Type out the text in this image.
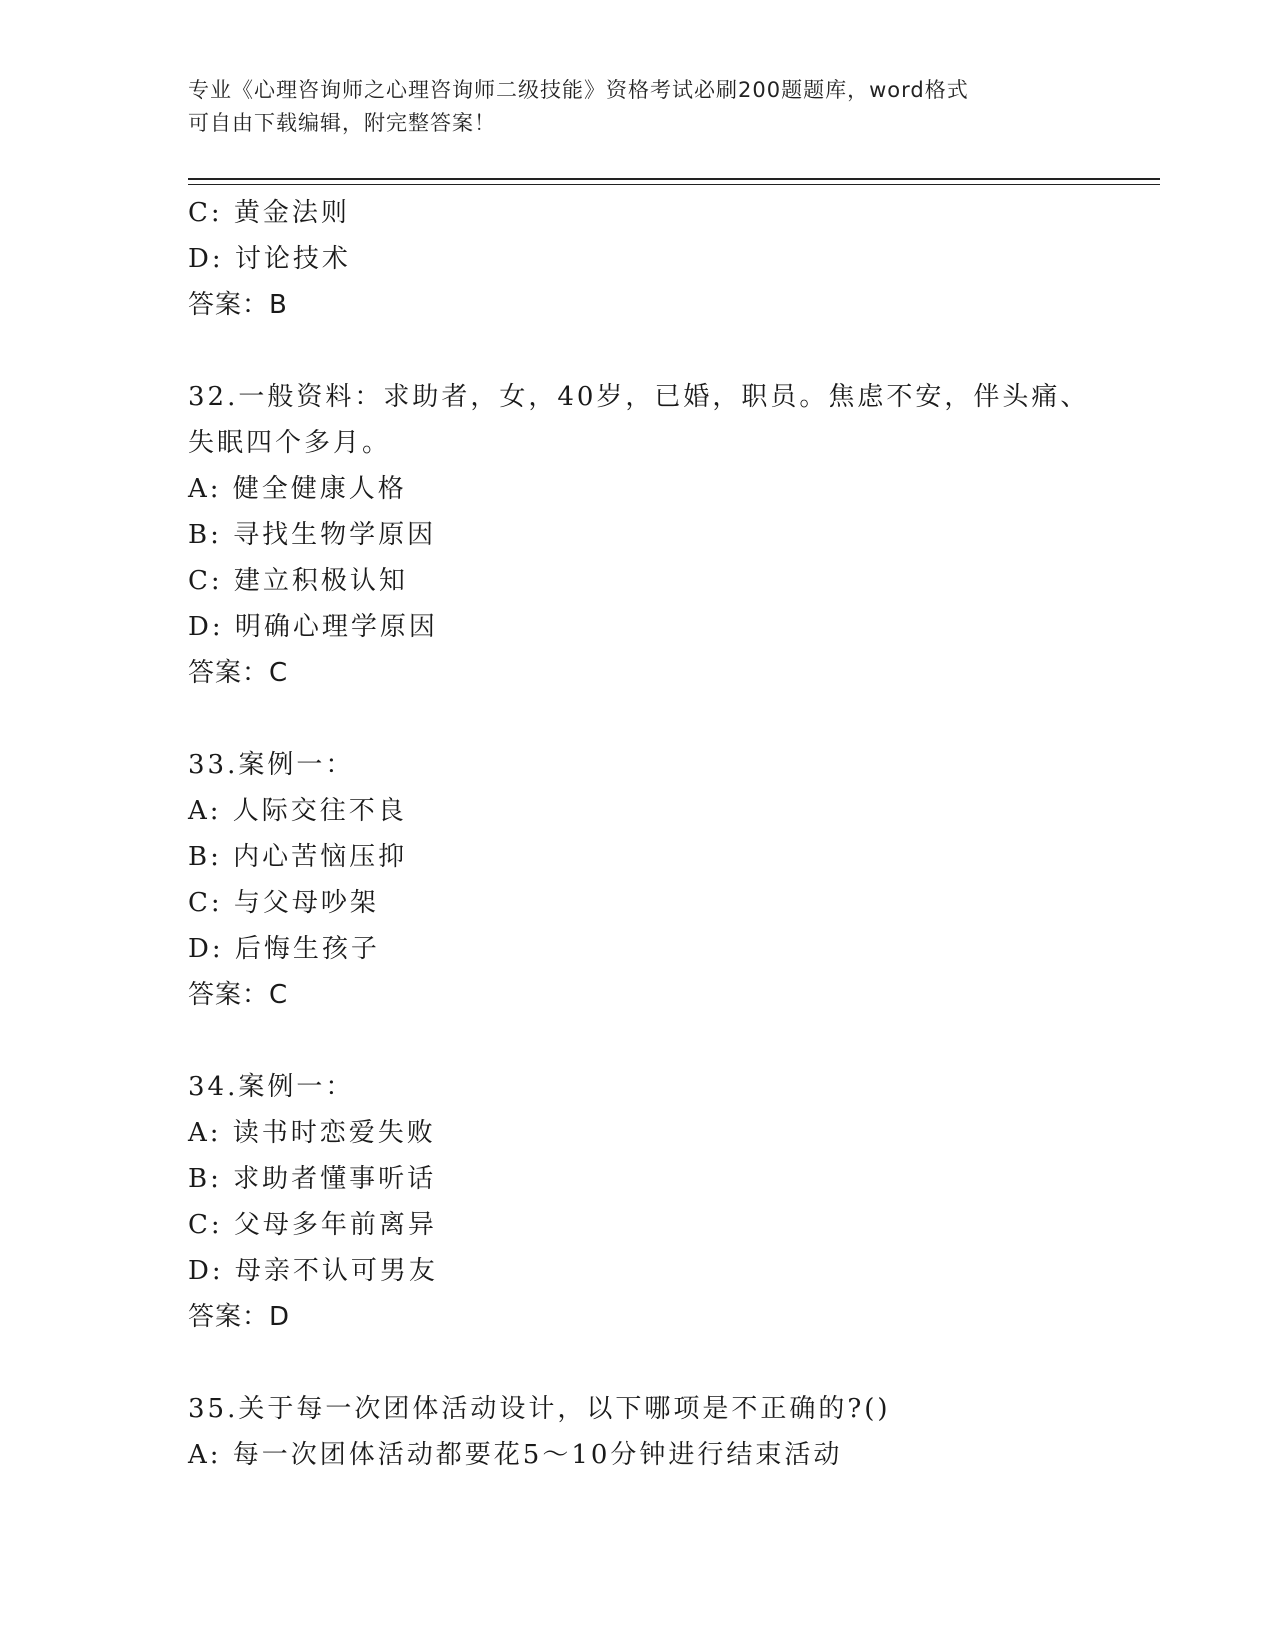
专业《心理咨询师之心理咨询师二级技能》资格考试必刷200题题库，word格式
可自由下载编辑，附完整答案！
C: 黄金法则
D: 讨论技术
答案：B
32.一般资料：求助者，女，40岁，已婚，职员。焦虑不安，伴头痛、
失眠四个多月。
A: 健全健康人格
B: 寻找生物学原因
C: 建立积极认知
D: 明确心理学原因
答案：C
33.案例一：
A: 人际交往不良
B: 内心苦恼压抑
C: 与父母吵架
D: 后悔生孩子
答案：C
34.案例一：
A: 读书时恋爱失败
B: 求助者懂事听话
C: 父母多年前离异
D: 母亲不认可男友
答案：D
35.关于每一次团体活动设计，以下哪项是不正确的?()
A: 每一次团体活动都要花5～10分钟进行结束活动
